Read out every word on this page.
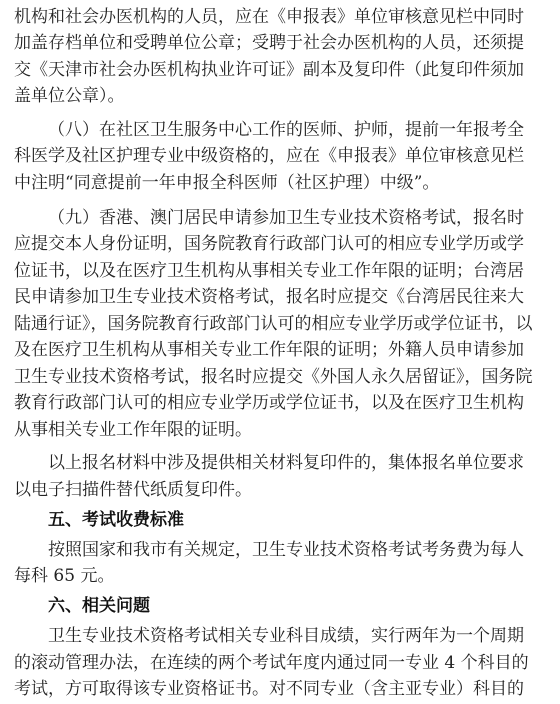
机构和社会办医机构的人员，应在《申报表》单位审核意见栏中同时
加盖存档单位和受聘单位公章；受聘于社会办医机构的人员，还须提
交《天津市社会办医机构执业许可证》副本及复印件（此复印件须加
盖单位公章）。
（八）在社区卫生服务中心工作的医师、护师，提前一年报考全
科医学及社区护理专业中级资格的，应在《申报表》单位审核意见栏
中注明“同意提前一年申报全科医师（社区护理）中级”。
（九）香港、澳门居民申请参加卫生专业技术资格考试，报名时
应提交本人身份证明，国务院教育行政部门认可的相应专业学历或学
位证书，以及在医疗卫生机构从事相关专业工作年限的证明；台湾居
民申请参加卫生专业技术资格考试，报名时应提交《台湾居民往来大
陆通行证》，国务院教育行政部门认可的相应专业学历或学位证书，以
及在医疗卫生机构从事相关专业工作年限的证明；外籍人员申请参加
卫生专业技术资格考试，报名时应提交《外国人永久居留证》，国务院
教育行政部门认可的相应专业学历或学位证书，以及在医疗卫生机构
从事相关专业工作年限的证明。
以上报名材料中涉及提供相关材料复印件的，集体报名单位要求
以电子扫描件替代纸质复印件。
五、考试收费标准
按照国家和我市有关规定，卫生专业技术资格考试考务费为每人
每科 65 元。
六、相关问题
卫生专业技术资格考试相关专业科目成绩，实行两年为一个周期
的滚动管理办法，在连续的两个考试年度内通过同一专业 4 个科目的
考试，方可取得该专业资格证书。对不同专业（含主亚专业）科目的
